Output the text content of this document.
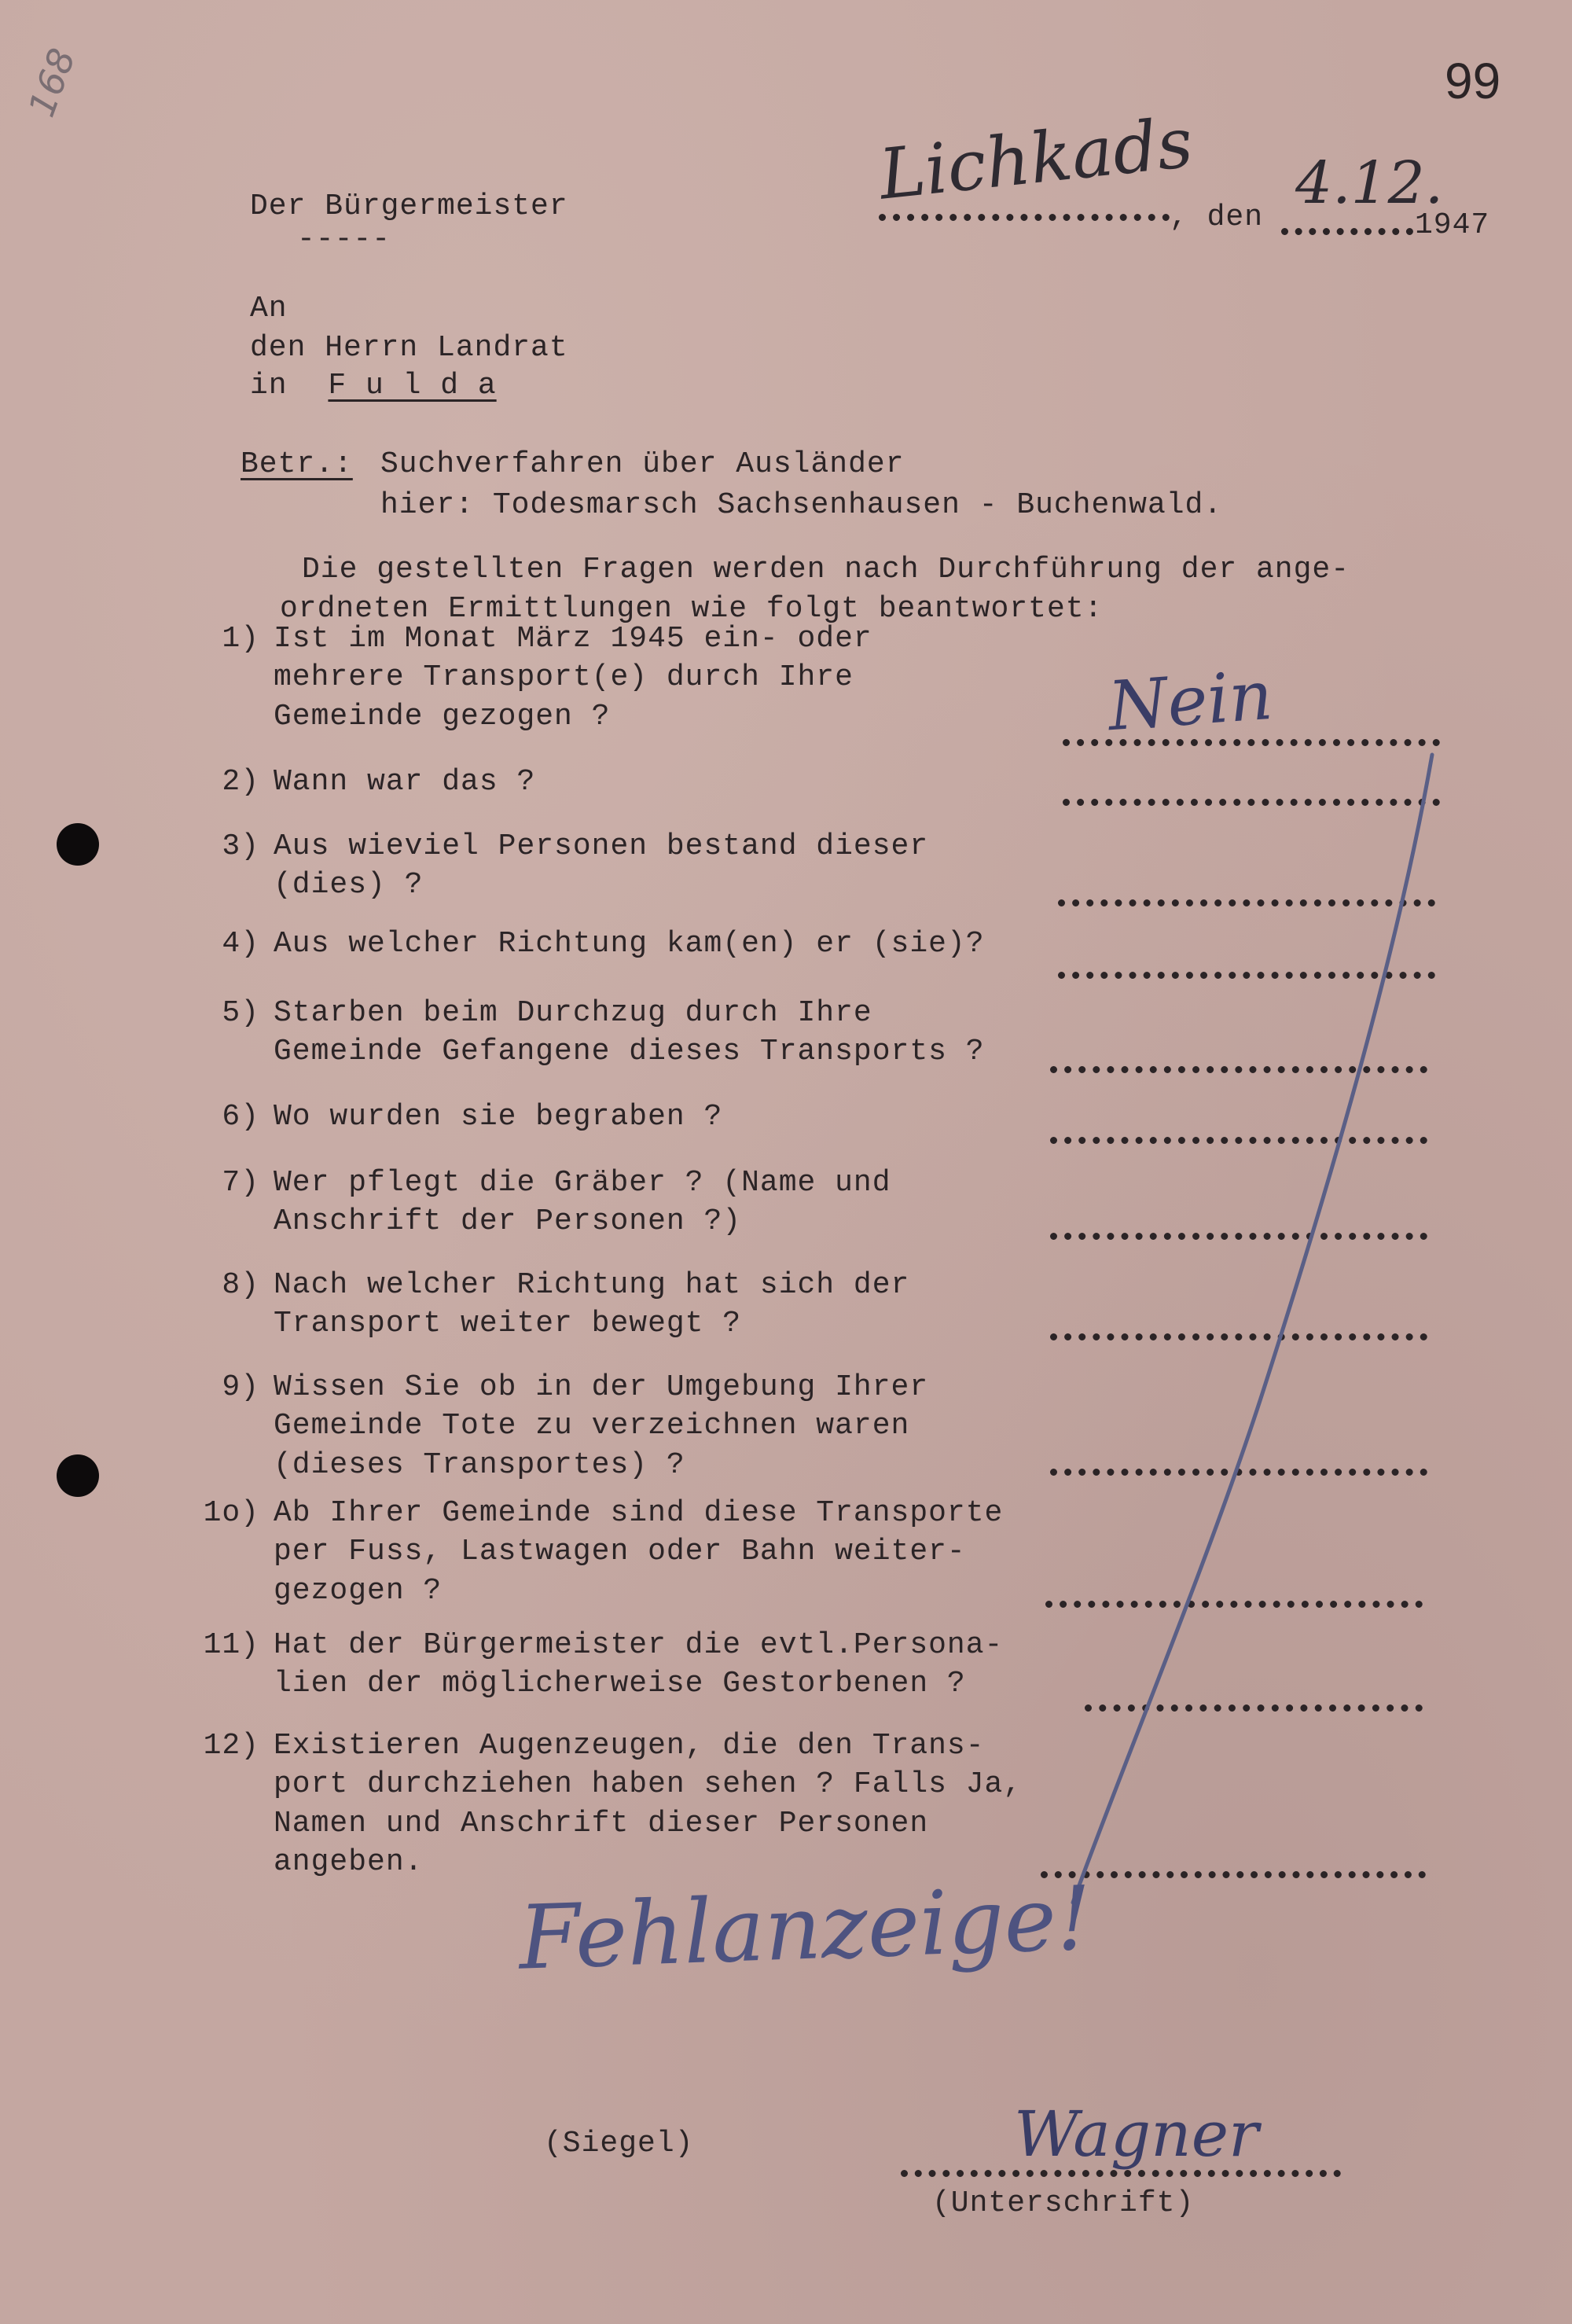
168	99
Der Bürgermeister
-----
Lichkads
, den
4.12.
1947
An
den Herrn Landrat
in F u l d a
Betr.: Suchverfahren über Ausländer
hier: Todesmarsch Sachsenhausen - Buchenwald.
Die gestellten Fragen werden nach Durchführung der ange-
ordneten Ermittlungen wie folgt beantwortet:
1) Ist im Monat März 1945 ein- oder
mehrere Transport(e) durch Ihre
Gemeinde gezogen ?
2) Wann war das ?
3) Aus wieviel Personen bestand dieser
(dies) ?
4) Aus welcher Richtung kam(en) er (sie)?
5) Starben beim Durchzug durch Ihre
Gemeinde Gefangene dieses Transports ?
6) Wo wurden sie begraben ?
7) Wer pflegt die Gräber ? (Name und
Anschrift der Personen ?)
8) Nach welcher Richtung hat sich der
Transport weiter bewegt ?
9) Wissen Sie ob in der Umgebung Ihrer
Gemeinde Tote zu verzeichnen waren
(dieses Transportes) ?
1o) Ab Ihrer Gemeinde sind diese Transporte
per Fuss, Lastwagen oder Bahn weiter-
gezogen ?
11) Hat der Bürgermeister die evtl.Persona-
lien der möglicherweise Gestorbenen ?
12) Existieren Augenzeugen, die den Trans-
port durchziehen haben sehen ? Falls Ja,
Namen und Anschrift dieser Personen
angeben.
Nein
Fehlanzeige!
(Siegel)	Wagner
(Unterschrift)
